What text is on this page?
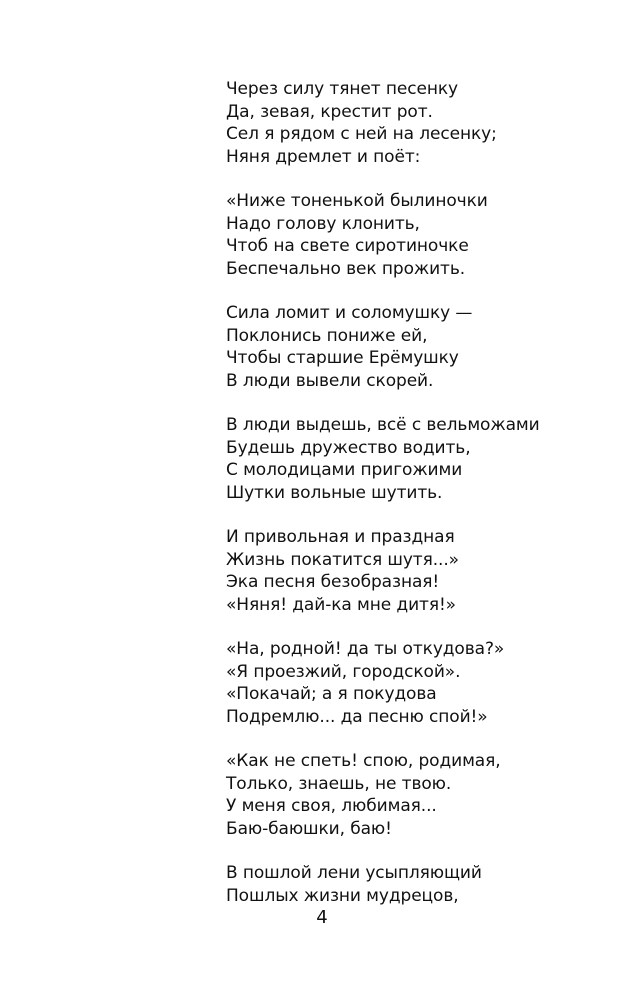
Через силу тянет песенку
Да, зевая, крестит рот.
Сел я рядом с ней на лесенку;
Няня дремлет и поёт:
«Ниже тоненькой былиночки
Надо голову клонить,
Чтоб на свете сиротиночке
Беспечально век прожить.
Сила ломит и соломушку —
Поклонись пониже ей,
Чтобы старшие Ерёмушку
В люди вывели скорей.
В люди выдешь, всё с вельможами
Будешь дружество водить,
С молодицами пригожими
Шутки вольные шутить.
И привольная и праздная
Жизнь покатится шутя...»
Эка песня безобразная!
«Няня! дай-ка мне дитя!»
«На, родной! да ты откудова?»
«Я проезжий, городской».
«Покачай; а я покудова
Подремлю... да песню спой!»
«Как не спеть! спою, родимая,
Только, знаешь, не твою.
У меня своя, любимая...
Баю-баюшки, баю!
В пошлой лени усыпляющий
Пошлых жизни мудрецов,
4
